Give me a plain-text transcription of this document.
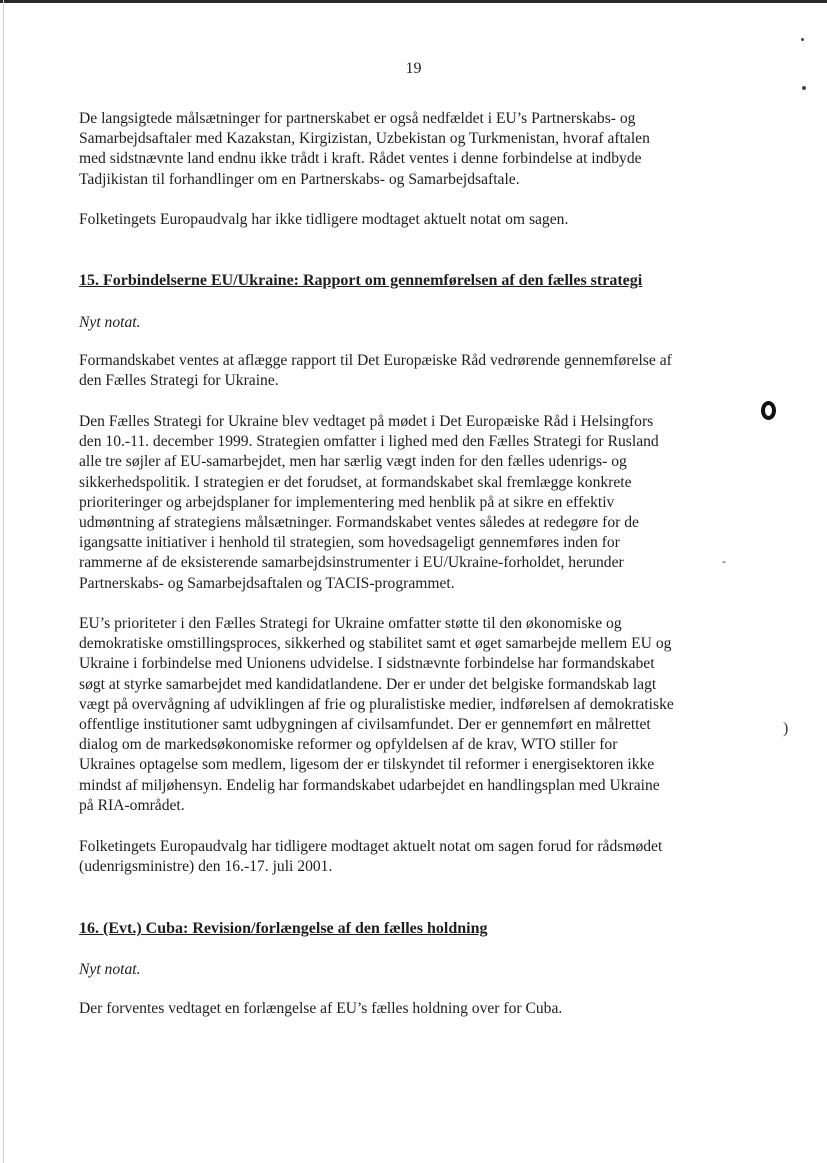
19

De langsigtede målsætninger for partnerskabet er også nedfældet i EU’s Partnerskabs- og
Samarbejdsaftaler med Kazakstan, Kirgizistan, Uzbekistan og Turkmenistan, hvoraf aftalen
med sidstnævnte land endnu ikke trådt i kraft. Rådet ventes i denne forbindelse at indbyde
Tadjikistan til forhandlinger om en Partnerskabs- og Samarbejdsaftale.

Folketingets Europaudvalg har ikke tidligere modtaget aktuelt notat om sagen.

15. Forbindelserne EU/Ukraine: Rapport om gennemførelsen af den fælles strategi

Nyt notat.

Formandskabet ventes at aflægge rapport til Det Europæiske Råd vedrørende gennemførelse af
den Fælles Strategi for Ukraine.

Den Fælles Strategi for Ukraine blev vedtaget på mødet i Det Europæiske Råd i Helsingfors
den 10.-11. december 1999. Strategien omfatter i lighed med den Fælles Strategi for Rusland
alle tre søjler af EU-samarbejdet, men har særlig vægt inden for den fælles udenrigs- og
sikkerhedspolitik. I strategien er det forudset, at formandskabet skal fremlægge konkrete
prioriteringer og arbejdsplaner for implementering med henblik på at sikre en effektiv
udmøntning af strategiens målsætninger. Formandskabet ventes således at redegøre for de
igangsatte initiativer i henhold til strategien, som hovedsageligt gennemføres inden for
rammerne af de eksisterende samarbejdsinstrumenter i EU/Ukraine-forholdet, herunder
Partnerskabs- og Samarbejdsaftalen og TACIS-programmet.

EU’s prioriteter i den Fælles Strategi for Ukraine omfatter støtte til den økonomiske og
demokratiske omstillingsproces, sikkerhed og stabilitet samt et øget samarbejde mellem EU og
Ukraine i forbindelse med Unionens udvidelse. I sidstnævnte forbindelse har formandskabet
søgt at styrke samarbejdet med kandidatlandene. Der er under det belgiske formandskab lagt
vægt på overvågning af udviklingen af frie og pluralistiske medier, indførelsen af demokratiske
offentlige institutioner samt udbygningen af civilsamfundet. Der er gennemført en målrettet
dialog om de markedsøkonomiske reformer og opfyldelsen af de krav, WTO stiller for
Ukraines optagelse som medlem, ligesom der er tilskyndet til reformer i energisektoren ikke
mindst af miljøhensyn. Endelig har formandskabet udarbejdet en handlingsplan med Ukraine
på RIA-området.

Folketingets Europaudvalg har tidligere modtaget aktuelt notat om sagen forud for rådsmødet
(udenrigsministre) den 16.-17. juli 2001.

16. (Evt.) Cuba: Revision/forlængelse af den fælles holdning

Nyt notat.

Der forventes vedtaget en forlængelse af EU’s fælles holdning over for Cuba.

)
-
